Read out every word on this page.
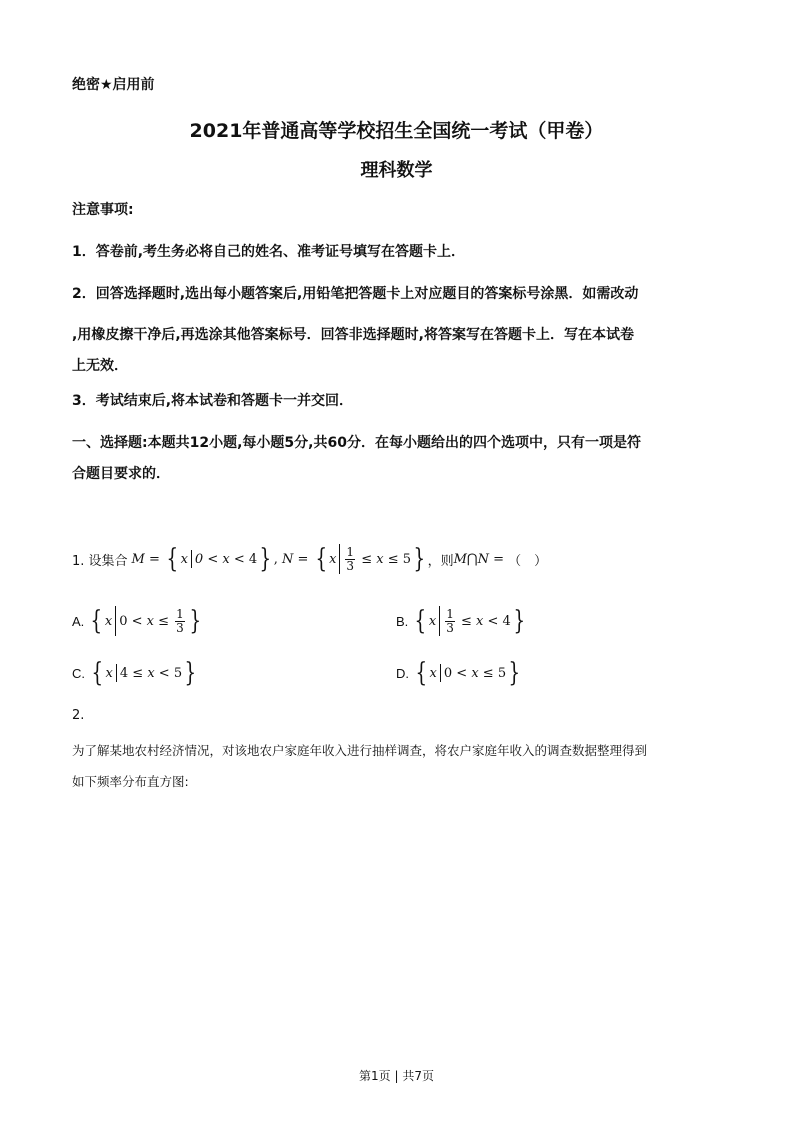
绝密★启用前
2021年普通高等学校招生全国统一考试（甲卷）
理科数学
注意事项:
1．答卷前,考生务必将自己的姓名、准考证号填写在答题卡上．
2．回答选择题时,选出每小题答案后,用铅笔把答题卡上对应题目的答案标号涂黑．如需改动
,用橡皮擦干净后,再选涂其他答案标号．回答非选择题时,将答案写在答题卡上．写在本试卷
上无效．
3．考试结束后,将本试卷和答题卡一并交回．
一、选择题:本题共12小题,每小题5分,共60分．在每小题给出的四个选项中，只有一项是符
合题目要求的．
1. 设集合 M = { x 0 < x < 4 } , N = { x $\frac{1}{3} \le x \le 5$ } ，则 M⋂N = （　）
A. { x $0 < x \le \frac{1}{3}$ }	B. { x $\frac{1}{3} \le x < 4$ }
C. { x 4 ≤ x < 5 }	D. { x 0 < x ≤ 5 }
2.
为了解某地农村经济情况，对该地农户家庭年收入进行抽样调查，将农户家庭年收入的调查数据整理得到
如下频率分布直方图:
第1页 | 共7页
